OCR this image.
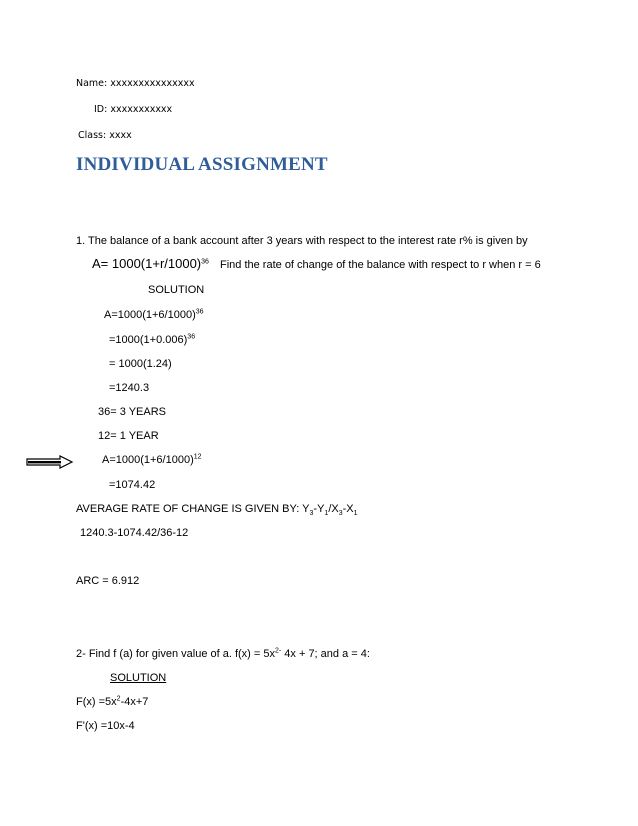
Name: xxxxxxxxxxxxxxx
ID: xxxxxxxxxxx
Class: xxxx
INDIVIDUAL ASSIGNMENT
1. The balance of a bank account after 3 years with respect to the interest rate r% is given by
$A= 1000(1+r/1000)^{36}$ Find the rate of change of the balance with respect to r when r = 6
SOLUTION
$A=1000(1+6/1000)^{36}$
$=1000(1+0.006)^{36}$
= 1000(1.24)
=1240.3
36= 3 YEARS
12= 1 YEAR
$A=1000(1+6/1000)^{12}$
=1074.42
AVERAGE RATE OF CHANGE IS GIVEN BY: $Y_3-Y_1/X_3-X_1$
1240.3-1074.42/36-12
ARC = 6.912
2- Find f (a) for given value of a. $f(x) = 5x^{2-}$ 4x + 7; and a = 4:
SOLUTION
$F(x) =5x^2-4x+7$
F'(x) =10x-4
